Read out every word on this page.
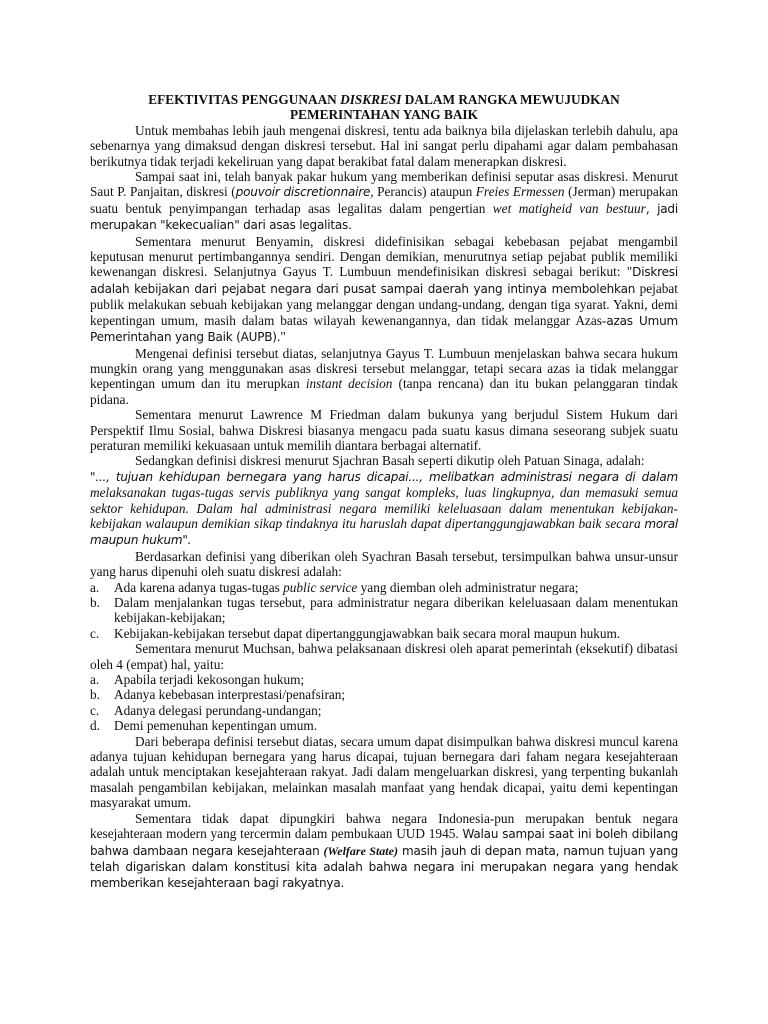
EFEKTIVITAS PENGGUNAAN DISKRESI DALAM RANGKA MEWUJUDKAN
PEMERINTAHAN YANG BAIK

Untuk membahas lebih jauh mengenai diskresi, tentu ada baiknya bila dijelaskan terlebih dahulu, apa sebenarnya yang dimaksud dengan diskresi tersebut. Hal ini sangat perlu dipahami agar dalam pembahasan berikutnya tidak terjadi kekeliruan yang dapat berakibat fatal dalam menerapkan diskresi.

Sampai saat ini, telah banyak pakar hukum yang memberikan definisi seputar asas diskresi. Menurut Saut P. Panjaitan, diskresi (pouvoir discretionnaire, Perancis) ataupun Freies Ermessen (Jerman) merupakan suatu bentuk penyimpangan terhadap asas legalitas dalam pengertian wet matigheid van bestuur, jadi merupakan "kekecualian" dari asas legalitas.

Sementara menurut Benyamin, diskresi didefinisikan sebagai kebebasan pejabat mengambil keputusan menurut pertimbangannya sendiri. Dengan demikian, menurutnya setiap pejabat publik memiliki kewenangan diskresi. Selanjutnya Gayus T. Lumbuun mendefinisikan diskresi sebagai berikut: "Diskresi adalah kebijakan dari pejabat negara dari pusat sampai daerah yang intinya membolehkan pejabat publik melakukan sebuah kebijakan yang melanggar dengan undang-undang, dengan tiga syarat. Yakni, demi kepentingan umum, masih dalam batas wilayah kewenangannya, dan tidak melanggar Azas-azas Umum Pemerintahan yang Baik (AUPB)."

Mengenai definisi tersebut diatas, selanjutnya Gayus T. Lumbuun menjelaskan bahwa secara hukum mungkin orang yang menggunakan asas diskresi tersebut melanggar, tetapi secara azas ia tidak melanggar kepentingan umum dan itu merupkan instant decision (tanpa rencana) dan itu bukan pelanggaran tindak pidana.

Sementara menurut Lawrence M Friedman dalam bukunya yang berjudul Sistem Hukum dari Perspektif Ilmu Sosial, bahwa Diskresi biasanya mengacu pada suatu kasus dimana seseorang subjek suatu peraturan memiliki kekuasaan untuk memilih diantara berbagai alternatif.

Sedangkan definisi diskresi menurut Sjachran Basah seperti dikutip oleh Patuan Sinaga, adalah:

"..., tujuan kehidupan bernegara yang harus dicapai..., melibatkan administrasi negara di dalam melaksanakan tugas-tugas servis publiknya yang sangat kompleks, luas lingkupnya, dan memasuki semua sektor kehidupan. Dalam hal administrasi negara memiliki keleluasaan dalam menentukan kebijakan-kebijakan walaupun demikian sikap tindaknya itu haruslah dapat dipertanggungjawabkan baik secara moral maupun hukum".

Berdasarkan definisi yang diberikan oleh Syachran Basah tersebut, tersimpulkan bahwa unsur-unsur yang harus dipenuhi oleh suatu diskresi adalah:

a.	Ada karena adanya tugas-tugas public service yang diemban oleh administratur negara;
b.	Dalam menjalankan tugas tersebut, para administratur negara diberikan keleluasaan dalam menentukan kebijakan-kebijakan;
c.	Kebijakan-kebijakan tersebut dapat dipertanggungjawabkan baik secara moral maupun hukum.

Sementara menurut Muchsan, bahwa pelaksanaan diskresi oleh aparat pemerintah (eksekutif) dibatasi oleh 4 (empat) hal, yaitu:

a.	Apabila terjadi kekosongan hukum;
b.	Adanya kebebasan interprestasi/penafsiran;
c.	Adanya delegasi perundang-undangan;
d.	Demi pemenuhan kepentingan umum.

Dari beberapa definisi tersebut diatas, secara umum dapat disimpulkan bahwa diskresi muncul karena adanya tujuan kehidupan bernegara yang harus dicapai, tujuan bernegara dari faham negara kesejahteraan adalah untuk menciptakan kesejahteraan rakyat. Jadi dalam mengeluarkan diskresi, yang terpenting bukanlah masalah pengambilan kebijakan, melainkan masalah manfaat yang hendak dicapai, yaitu demi kepentingan masyarakat umum.

Sementara tidak dapat dipungkiri bahwa negara Indonesia-pun merupakan bentuk negara kesejahteraan modern yang tercermin dalam pembukaan UUD 1945. Walau sampai saat ini boleh dibilang bahwa dambaan negara kesejahteraan (Welfare State) masih jauh di depan mata, namun tujuan yang telah digariskan dalam konstitusi kita adalah bahwa negara ini merupakan negara yang hendak memberikan kesejahteraan bagi rakyatnya.
